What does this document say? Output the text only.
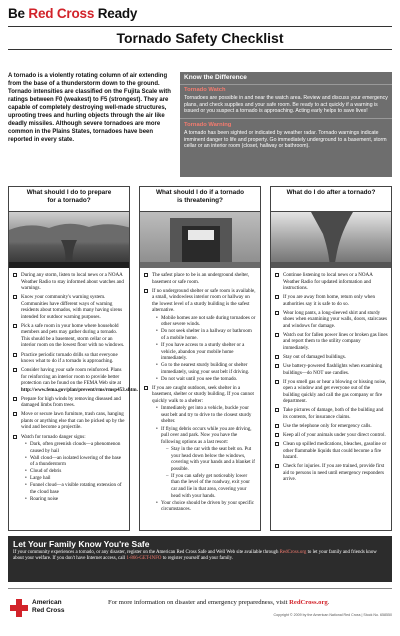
Be Red Cross Ready
Tornado Safety Checklist
A tornado is a violently rotating column of air extending from the base of a thunderstorm down to the ground. Tornado intensities are classified on the Fujita Scale with ratings between F0 (weakest) to F5 (strongest). They are capable of completely destroying well-made structures, uprooting trees and hurling objects through the air like deadly missiles. Although severe tornadoes are more common in the Plains States, tornadoes have been reported in every state.
Know the Difference
Tornado Watch
Tornadoes are possible in and near the watch area. Review and discuss your emergency plans, and check supplies and your safe room. Be ready to act quickly if a warning is issued or you suspect a tornado is approaching. Acting early helps to save lives!
Tornado Warning
A tornado has been sighted or indicated by weather radar. Tornado warnings indicate imminent danger to life and property. Go immediately underground to a basement, storm cellar or an interior room (closet, hallway or bathroom).
What should I do to prepare
for a tornado?
During any storm, listen to local news or a NOAA Weather Radio to stay informed about watches and warnings.
Know your community's warning system. Communities have different ways of warning residents about tornados, with many having sirens intended for outdoor warning purposes.
Pick a safe room in your home where household members and pets may gather during a tornado. This should be a basement, storm cellar or an interior room on the lowest floor with no windows.
Practice periodic tornado drills so that everyone knows what to do if a tornado is approaching.
Consider having your safe room reinforced. Plans for reinforcing an interior room to provide better protection can be found on the FEMA Web site at http://www.fema.gov/plan/prevent/rms/rmsp453.shtm.
Prepare for high winds by removing diseased and damaged limbs from trees.
Move or secure lawn furniture, trash cans, hanging plants or anything else that can be picked up by the wind and become a projectile.
Watch for tornado danger signs:
• Dark, often greenish clouds—a phenomenon caused by hail
• Wall cloud—an isolated lowering of the base of a thunderstorm
• Cloud of debris
• Large hail
• Funnel cloud—a visible rotating extension of the cloud base
• Roaring noise
What should I do if a tornado
is threatening?
The safest place to be is an underground shelter, basement or safe room.
If no underground shelter or safe room is available, a small, windowless interior room or hallway on the lowest level of a sturdy building is the safest alternative.
• Mobile homes are not safe during tornadoes or other severe winds.
• Do not seek shelter in a hallway or bathroom of a mobile home.
• If you have access to a sturdy shelter or a vehicle, abandon your mobile home immediately.
• Go to the nearest sturdy building or shelter immediately, using your seat belt if driving.
• Do not wait until you see the tornado.
If you are caught outdoors, seek shelter in a basement, shelter or sturdy building. If you cannot quickly walk to a shelter:
• Immediately get into a vehicle, buckle your seat belt and try to drive to the closest sturdy shelter.
• If flying debris occurs while you are driving, pull over and park. Now you have the following options as a last resort:
– Stay in the car with the seat belt on. Put your head down below the windows, covering with your hands and a blanket if possible.
– If you can safely get noticeably lower than the level of the roadway, exit your car and lie in that area, covering your head with your hands.
• Your choice should be driven by your specific circumstances.
What do I do after a tornado?
Continue listening to local news or a NOAA Weather Radio for updated information and instructions.
If you are away from home, return only when authorities say it is safe to do so.
Wear long pants, a long-sleeved shirt and sturdy shoes when examining your walls, doors, staircases and windows for damage.
Watch out for fallen power lines or broken gas lines and report them to the utility company immediately.
Stay out of damaged buildings.
Use battery-powered flashlights when examining buildings—do NOT use candles.
If you smell gas or hear a blowing or hissing noise, open a window and get everyone out of the building quickly and call the gas company or fire department.
Take pictures of damage, both of the building and its contents, for insurance claims.
Use the telephone only for emergency calls.
Keep all of your animals under your direct control.
Clean up spilled medications, bleaches, gasoline or other flammable liquids that could become a fire hazard.
Check for injuries. If you are trained, provide first aid to persons in need until emergency responders arrive.
Let Your Family Know You're Safe
If your community experiences a tornado, or any disaster, register on the American Red Cross Safe and Well Web site available through RedCross.org to let your family and friends know about your welfare. If you don't have Internet access, call 1-866-GET-INFO to register yourself and your family.
American
Red Cross
For more information on disaster and emergency preparedness, visit RedCross.org.
Copyright © 2009 by the American National Red Cross | Stock No. 658550
